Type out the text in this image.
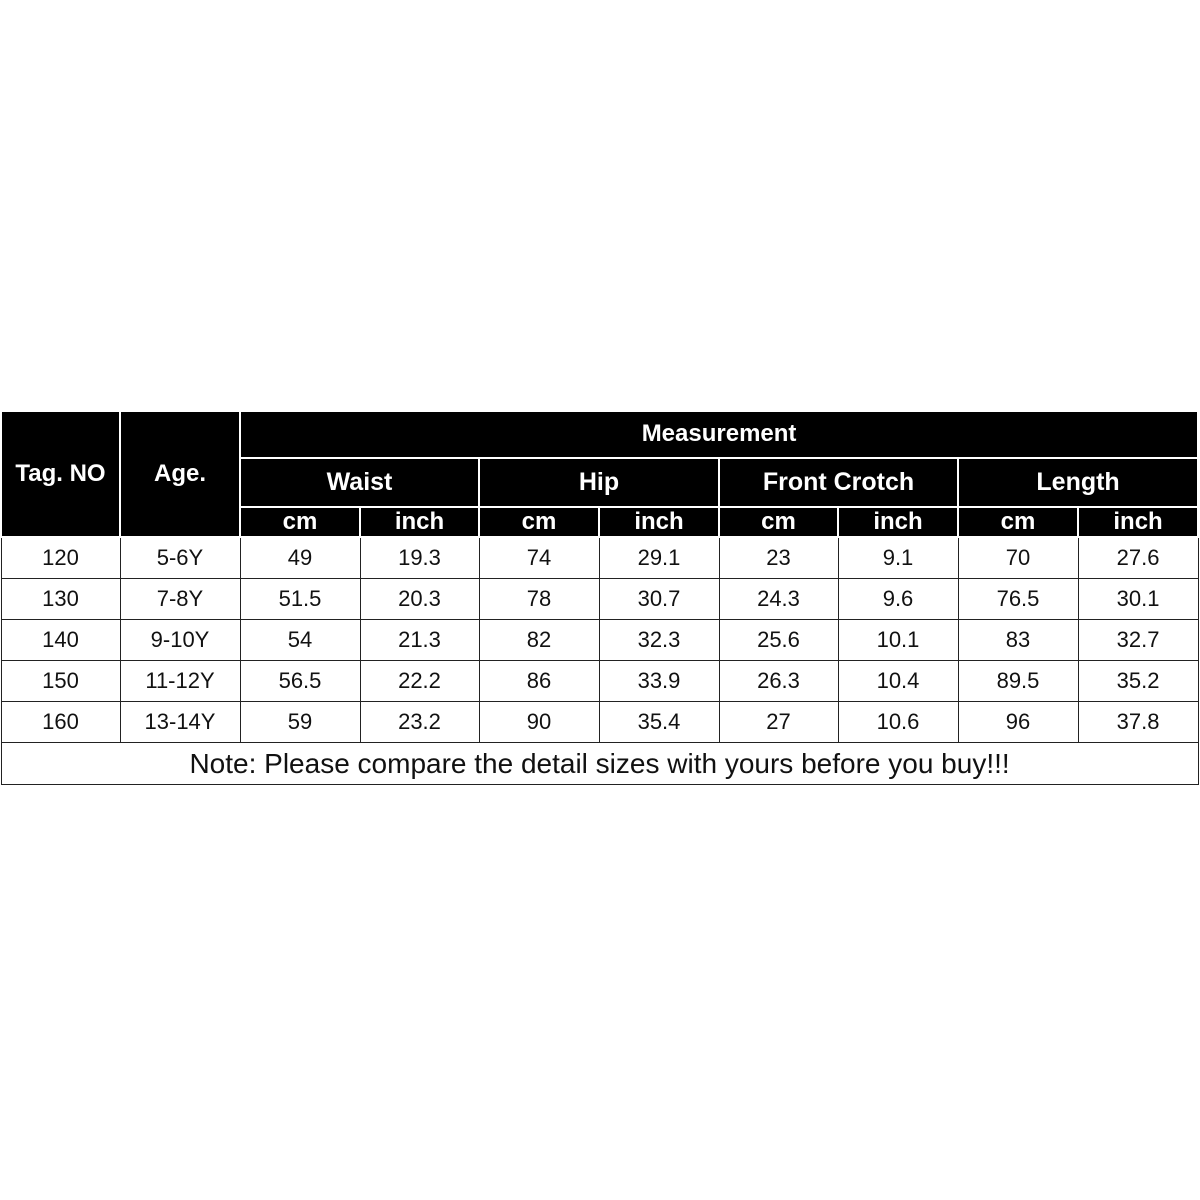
Tag. NO	Age.	Measurement							
		Waist		Hip		Front Crotch		Length	
		cm	inch	cm	inch	cm	inch	cm	inch
120	5-6Y	49	19.3	74	29.1	23	9.1	70	27.6
130	7-8Y	51.5	20.3	78	30.7	24.3	9.6	76.5	30.1
140	9-10Y	54	21.3	82	32.3	25.6	10.1	83	32.7
150	11-12Y	56.5	22.2	86	33.9	26.3	10.4	89.5	35.2
160	13-14Y	59	23.2	90	35.4	27	10.6	96	37.8
Note: Please compare the detail sizes with yours before you buy!!!									
